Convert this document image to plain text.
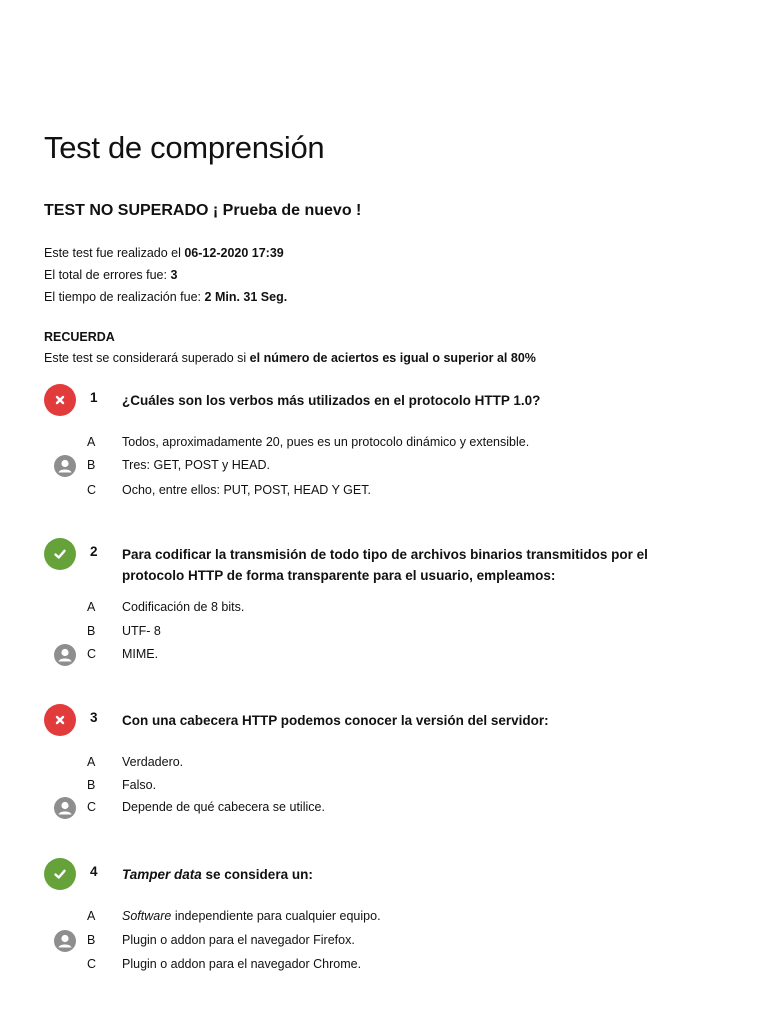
Test de comprensión
TEST NO SUPERADO ¡ Prueba de nuevo !
Este test fue realizado el 06-12-2020 17:39
El total de errores fue: 3
El tiempo de realización fue: 2 Min. 31 Seg.
RECUERDA
Este test se considerará superado si el número de aciertos es igual o superior al 80%
1 ¿Cuáles son los verbos más utilizados en el protocolo HTTP 1.0?
A Todos, aproximadamente 20, pues es un protocolo dinámico y extensible.
B Tres: GET, POST y HEAD.
C Ocho, entre ellos: PUT, POST, HEAD Y GET.
2 Para codificar la transmisión de todo tipo de archivos binarios transmitidos por el protocolo HTTP de forma transparente para el usuario, empleamos:
A Codificación de 8 bits.
B UTF- 8
C MIME.
3 Con una cabecera HTTP podemos conocer la versión del servidor:
A Verdadero.
B Falso.
C Depende de qué cabecera se utilice.
4 Tamper data se considera un:
A Software independiente para cualquier equipo.
B Plugin o addon para el navegador Firefox.
C Plugin o addon para el navegador Chrome.
